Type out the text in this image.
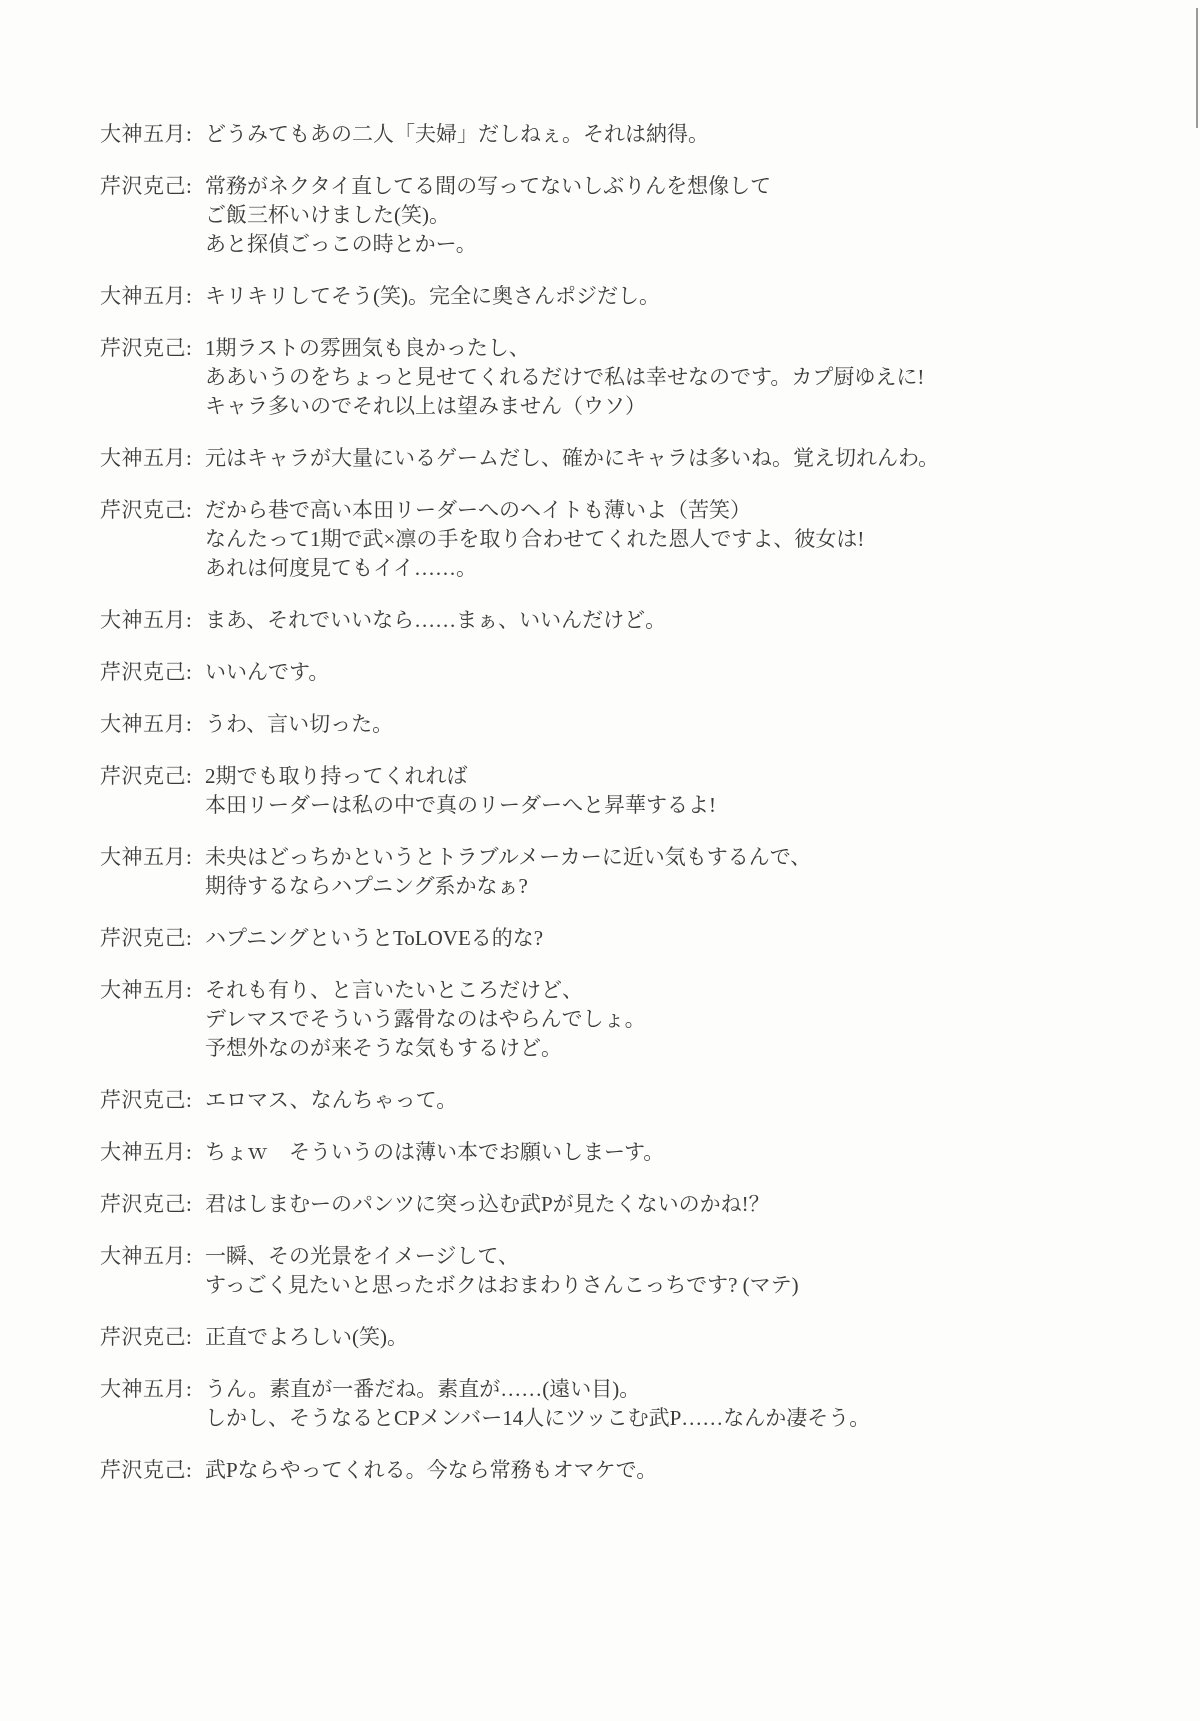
大神五月: どうみてもあの二人「夫婦」だしねぇ。それは納得。
芹沢克己: 常務がネクタイ直してる間の写ってないしぶりんを想像して
ご飯三杯いけました(笑)。
あと探偵ごっこの時とかー。
大神五月: キリキリしてそう(笑)。完全に奥さんポジだし。
芹沢克己: 1期ラストの雰囲気も良かったし、
ああいうのをちょっと見せてくれるだけで私は幸せなのです。カプ厨ゆえに!
キャラ多いのでそれ以上は望みません（ウソ）
大神五月: 元はキャラが大量にいるゲームだし、確かにキャラは多いね。覚え切れんわ。
芹沢克己: だから巷で高い本田リーダーへのヘイトも薄いよ（苦笑）
なんたって1期で武×凛の手を取り合わせてくれた恩人ですよ、彼女は!
あれは何度見てもイイ……。
大神五月: まあ、それでいいなら……まぁ、いいんだけど。
芹沢克己: いいんです。
大神五月: うわ、言い切った。
芹沢克己: 2期でも取り持ってくれれば
本田リーダーは私の中で真のリーダーへと昇華するよ!
大神五月: 未央はどっちかというとトラブルメーカーに近い気もするんで、
期待するならハプニング系かなぁ?
芹沢克己: ハプニングというとToLOVEる的な?
大神五月: それも有り、と言いたいところだけど、
デレマスでそういう露骨なのはやらんでしょ。
予想外なのが来そうな気もするけど。
芹沢克己: エロマス、なんちゃって。
大神五月: ちょｗ　そういうのは薄い本でお願いしまーす。
芹沢克己: 君はしまむーのパンツに突っ込む武Pが見たくないのかね!？
大神五月: 一瞬、その光景をイメージして、
すっごく見たいと思ったボクはおまわりさんこっちです? (マテ)
芹沢克己: 正直でよろしい(笑)。
大神五月: うん。素直が一番だね。素直が……(遠い目)。
しかし、そうなるとCPメンバー14人にツッこむ武P……なんか凄そう。
芹沢克己: 武Pならやってくれる。今なら常務もオマケで。
